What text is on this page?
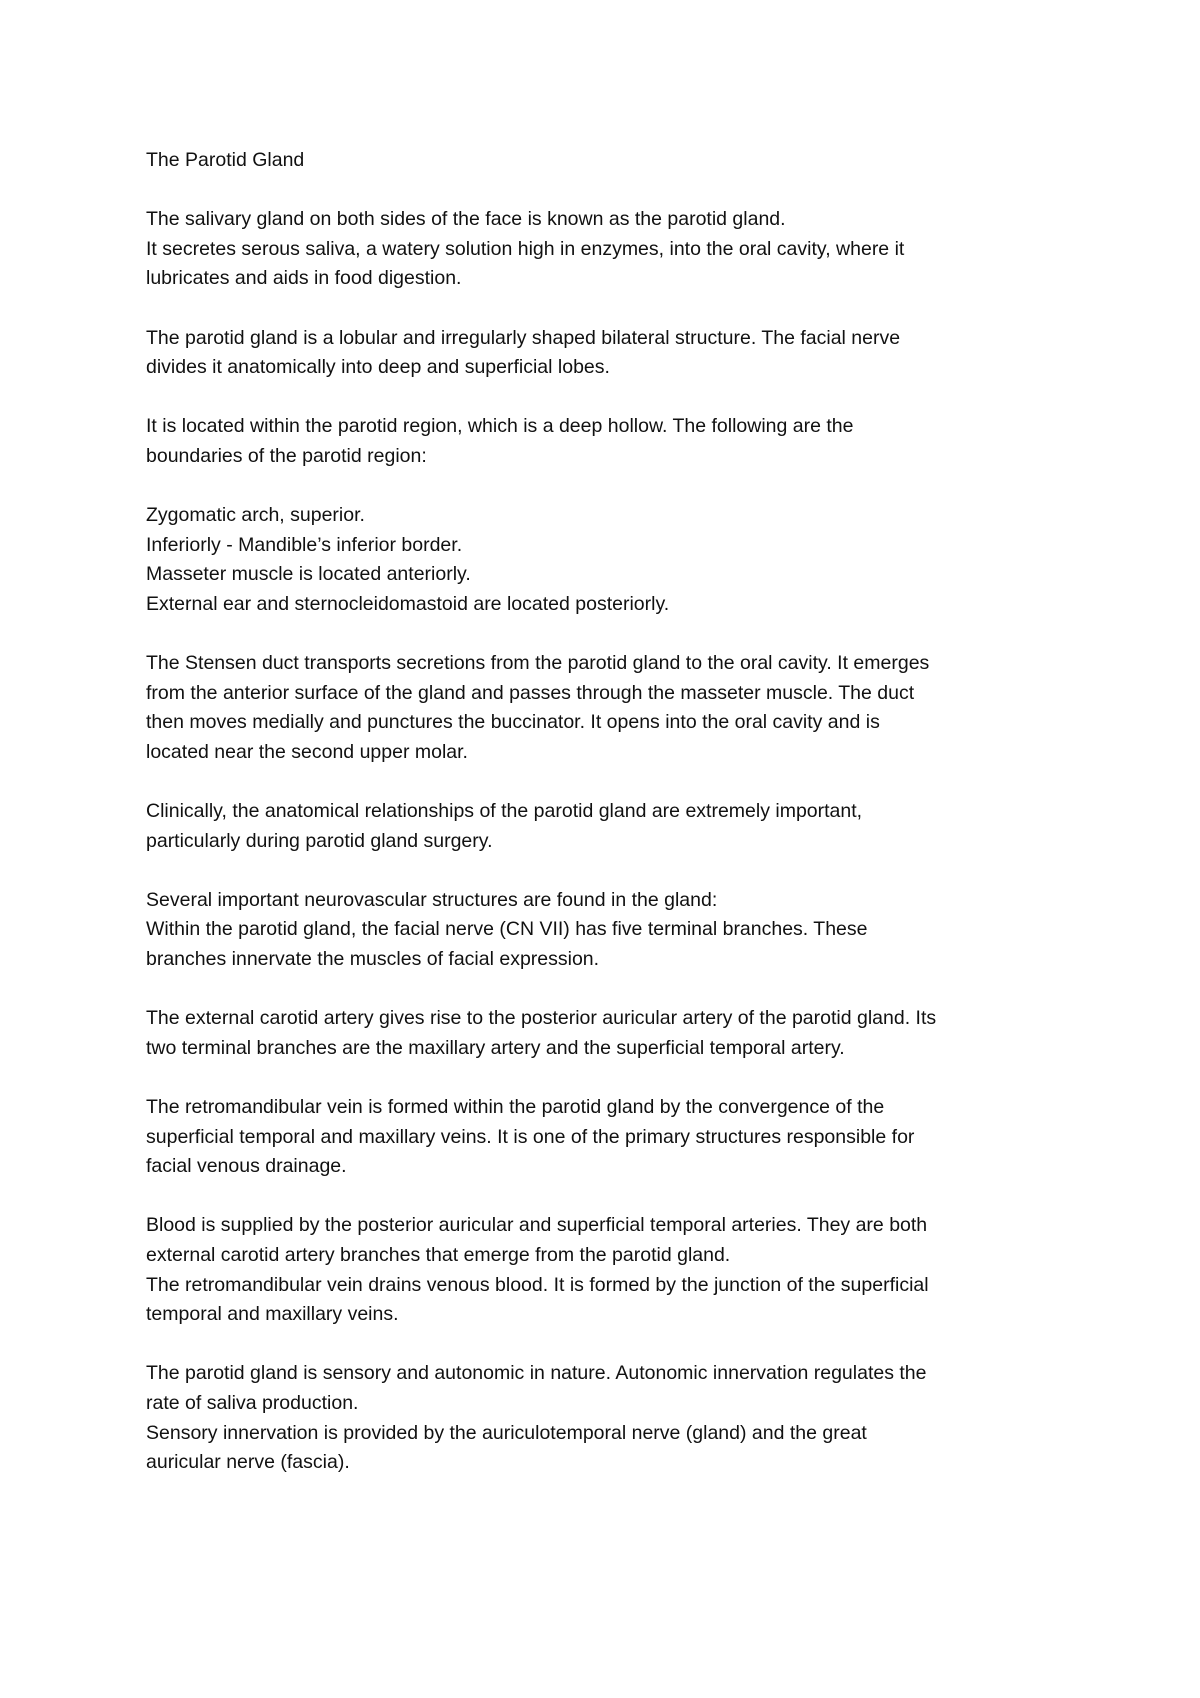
The Parotid Gland
The salivary gland on both sides of the face is known as the parotid gland.
It secretes serous saliva, a watery solution high in enzymes, into the oral cavity, where it
lubricates and aids in food digestion.
The parotid gland is a lobular and irregularly shaped bilateral structure. The facial nerve
divides it anatomically into deep and superficial lobes.
It is located within the parotid region, which is a deep hollow. The following are the
boundaries of the parotid region:
Zygomatic arch, superior.
Inferiorly - Mandible’s inferior border.
Masseter muscle is located anteriorly.
External ear and sternocleidomastoid are located posteriorly.
The Stensen duct transports secretions from the parotid gland to the oral cavity. It emerges
from the anterior surface of the gland and passes through the masseter muscle. The duct
then moves medially and punctures the buccinator. It opens into the oral cavity and is
located near the second upper molar.
Clinically, the anatomical relationships of the parotid gland are extremely important,
particularly during parotid gland surgery.
Several important neurovascular structures are found in the gland:
Within the parotid gland, the facial nerve (CN VII) has five terminal branches. These
branches innervate the muscles of facial expression.
The external carotid artery gives rise to the posterior auricular artery of the parotid gland. Its
two terminal branches are the maxillary artery and the superficial temporal artery.
The retromandibular vein is formed within the parotid gland by the convergence of the
superficial temporal and maxillary veins. It is one of the primary structures responsible for
facial venous drainage.
Blood is supplied by the posterior auricular and superficial temporal arteries. They are both
external carotid artery branches that emerge from the parotid gland.
The retromandibular vein drains venous blood. It is formed by the junction of the superficial
temporal and maxillary veins.
The parotid gland is sensory and autonomic in nature. Autonomic innervation regulates the
rate of saliva production.
Sensory innervation is provided by the auriculotemporal nerve (gland) and the great
auricular nerve (fascia).
